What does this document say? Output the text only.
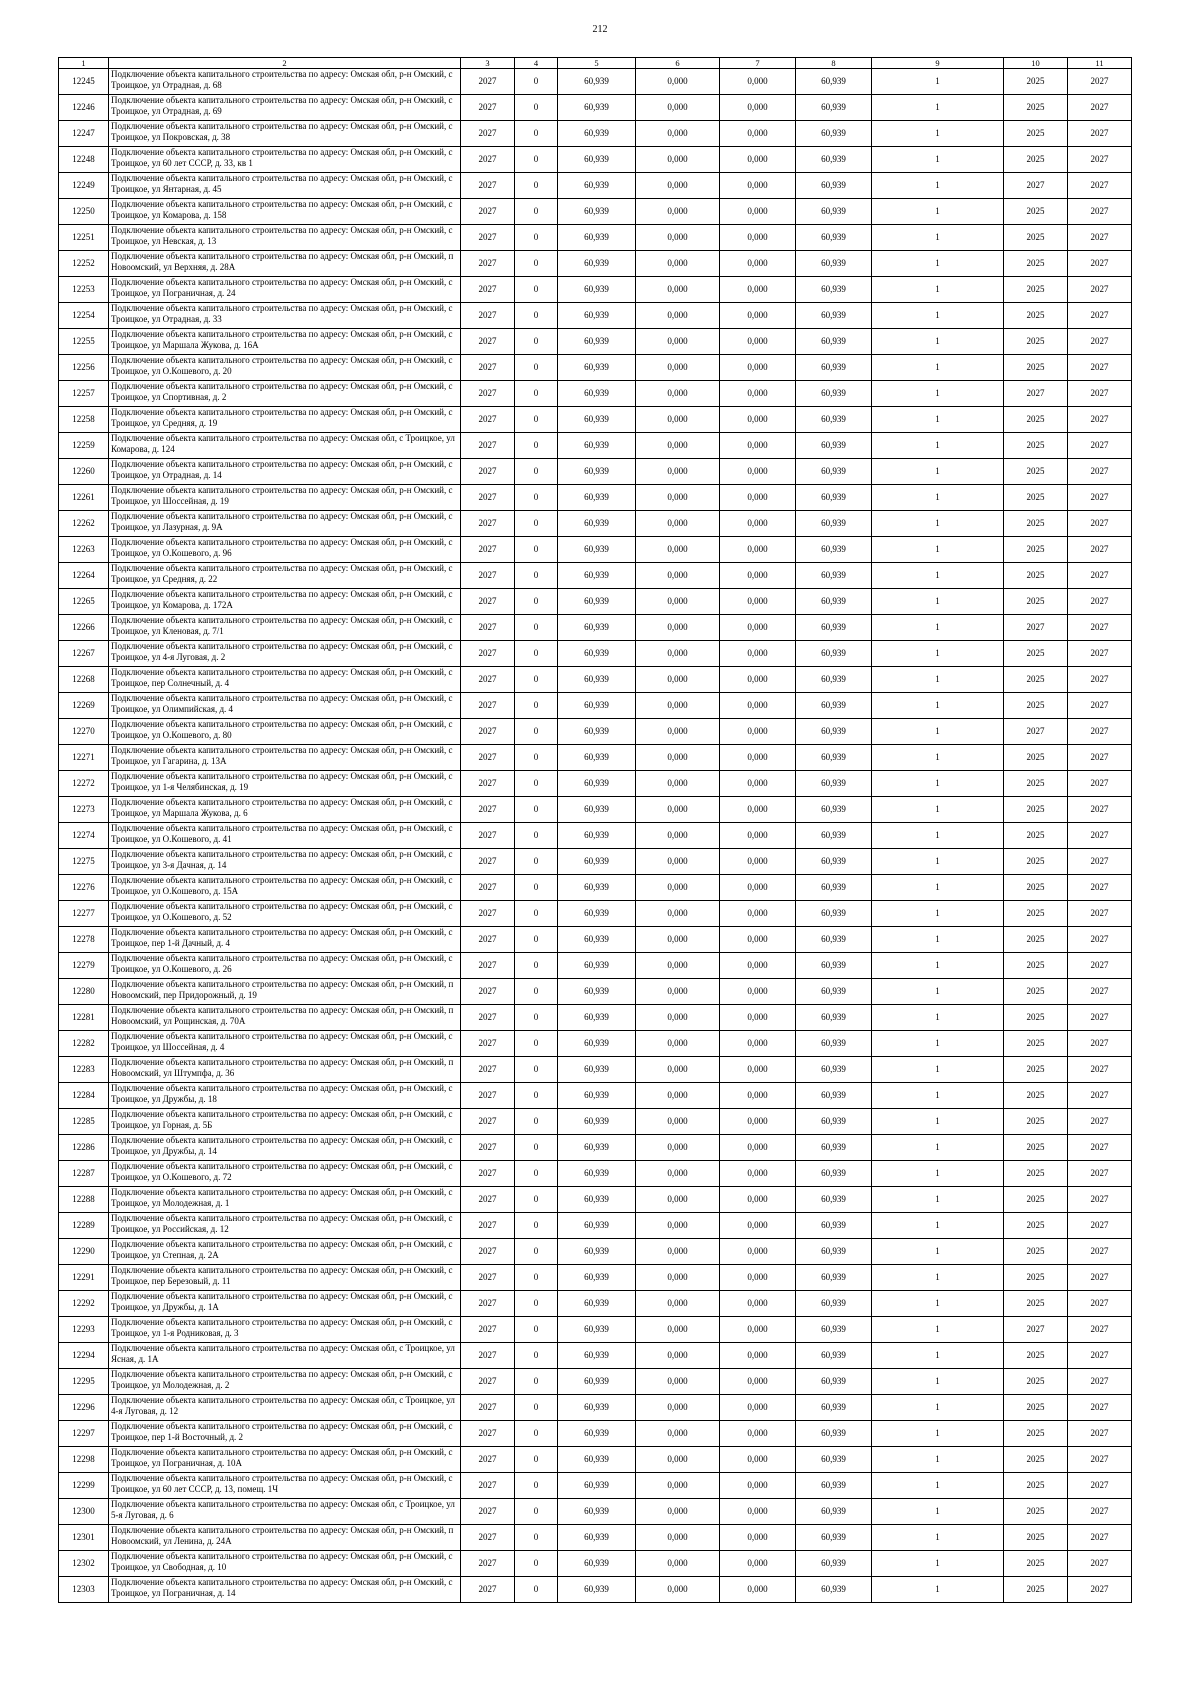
212
1	2	3	4	5	6	7	8	9	10	11
12245	Подключение объекта капитального строительства по адресу: Омская обл, р-н Омский, с Троицкое, ул Отрадная, д. 68	2027	0	60,939	0,000	0,000	60,939	1	2025	2027
12246	Подключение объекта капитального строительства по адресу: Омская обл, р-н Омский, с Троицкое, ул Отрадная, д. 69	2027	0	60,939	0,000	0,000	60,939	1	2025	2027
12247	Подключение объекта капитального строительства по адресу: Омская обл, р-н Омский, с Троицкое, ул Покровская, д. 38	2027	0	60,939	0,000	0,000	60,939	1	2025	2027
12248	Подключение объекта капитального строительства по адресу: Омская обл, р-н Омский, с Троицкое, ул 60 лет СССР, д. 33, кв 1	2027	0	60,939	0,000	0,000	60,939	1	2025	2027
12249	Подключение объекта капитального строительства по адресу: Омская обл, р-н Омский, с Троицкое, ул Янтарная, д. 45	2027	0	60,939	0,000	0,000	60,939	1	2027	2027
12250	Подключение объекта капитального строительства по адресу: Омская обл, р-н Омский, с Троицкое, ул Комарова, д. 158	2027	0	60,939	0,000	0,000	60,939	1	2025	2027
12251	Подключение объекта капитального строительства по адресу: Омская обл, р-н Омский, с Троицкое, ул Невская, д. 13	2027	0	60,939	0,000	0,000	60,939	1	2025	2027
12252	Подключение объекта капитального строительства по адресу: Омская обл, р-н Омский, п Новоомский, ул Верхняя, д. 28А	2027	0	60,939	0,000	0,000	60,939	1	2025	2027
12253	Подключение объекта капитального строительства по адресу: Омская обл, р-н Омский, с Троицкое, ул Пограничная, д. 24	2027	0	60,939	0,000	0,000	60,939	1	2025	2027
12254	Подключение объекта капитального строительства по адресу: Омская обл, р-н Омский, с Троицкое, ул Отрадная, д. 33	2027	0	60,939	0,000	0,000	60,939	1	2025	2027
12255	Подключение объекта капитального строительства по адресу: Омская обл, р-н Омский, с Троицкое, ул Маршала Жукова, д. 16А	2027	0	60,939	0,000	0,000	60,939	1	2025	2027
12256	Подключение объекта капитального строительства по адресу: Омская обл, р-н Омский, с Троицкое, ул О.Кошевого, д. 20	2027	0	60,939	0,000	0,000	60,939	1	2025	2027
12257	Подключение объекта капитального строительства по адресу: Омская обл, р-н Омский, с Троицкое, ул Спортивная, д. 2	2027	0	60,939	0,000	0,000	60,939	1	2027	2027
12258	Подключение объекта капитального строительства по адресу: Омская обл, р-н Омский, с Троицкое, ул Средняя, д. 19	2027	0	60,939	0,000	0,000	60,939	1	2025	2027
12259	Подключение объекта капитального строительства по адресу: Омская обл, с Троицкое, ул Комарова, д. 124	2027	0	60,939	0,000	0,000	60,939	1	2025	2027
12260	Подключение объекта капитального строительства по адресу: Омская обл, р-н Омский, с Троицкое, ул Отрадная, д. 14	2027	0	60,939	0,000	0,000	60,939	1	2025	2027
12261	Подключение объекта капитального строительства по адресу: Омская обл, р-н Омский, с Троицкое, ул Шоссейная, д. 19	2027	0	60,939	0,000	0,000	60,939	1	2025	2027
12262	Подключение объекта капитального строительства по адресу: Омская обл, р-н Омский, с Троицкое, ул Лазурная, д. 9А	2027	0	60,939	0,000	0,000	60,939	1	2025	2027
12263	Подключение объекта капитального строительства по адресу: Омская обл, р-н Омский, с Троицкое, ул О.Кошевого, д. 96	2027	0	60,939	0,000	0,000	60,939	1	2025	2027
12264	Подключение объекта капитального строительства по адресу: Омская обл, р-н Омский, с Троицкое, ул Средняя, д. 22	2027	0	60,939	0,000	0,000	60,939	1	2025	2027
12265	Подключение объекта капитального строительства по адресу: Омская обл, р-н Омский, с Троицкое, ул Комарова, д. 172А	2027	0	60,939	0,000	0,000	60,939	1	2025	2027
12266	Подключение объекта капитального строительства по адресу: Омская обл, р-н Омский, с Троицкое, ул Кленовая, д. 7/1	2027	0	60,939	0,000	0,000	60,939	1	2027	2027
12267	Подключение объекта капитального строительства по адресу: Омская обл, р-н Омский, с Троицкое, ул 4-я Луговая, д. 2	2027	0	60,939	0,000	0,000	60,939	1	2025	2027
12268	Подключение объекта капитального строительства по адресу: Омская обл, р-н Омский, с Троицкое, пер Солнечный, д. 4	2027	0	60,939	0,000	0,000	60,939	1	2025	2027
12269	Подключение объекта капитального строительства по адресу: Омская обл, р-н Омский, с Троицкое, ул Олимпийская, д. 4	2027	0	60,939	0,000	0,000	60,939	1	2025	2027
12270	Подключение объекта капитального строительства по адресу: Омская обл, р-н Омский, с Троицкое, ул О.Кошевого, д. 80	2027	0	60,939	0,000	0,000	60,939	1	2027	2027
12271	Подключение объекта капитального строительства по адресу: Омская обл, р-н Омский, с Троицкое, ул Гагарина, д. 13А	2027	0	60,939	0,000	0,000	60,939	1	2025	2027
12272	Подключение объекта капитального строительства по адресу: Омская обл, р-н Омский, с Троицкое, ул 1-я Челябинская, д. 19	2027	0	60,939	0,000	0,000	60,939	1	2025	2027
12273	Подключение объекта капитального строительства по адресу: Омская обл, р-н Омский, с Троицкое, ул Маршала Жукова, д. 6	2027	0	60,939	0,000	0,000	60,939	1	2025	2027
12274	Подключение объекта капитального строительства по адресу: Омская обл, р-н Омский, с Троицкое, ул О.Кошевого, д. 41	2027	0	60,939	0,000	0,000	60,939	1	2025	2027
12275	Подключение объекта капитального строительства по адресу: Омская обл, р-н Омский, с Троицкое, ул 3-я Дачная, д. 14	2027	0	60,939	0,000	0,000	60,939	1	2025	2027
12276	Подключение объекта капитального строительства по адресу: Омская обл, р-н Омский, с Троицкое, ул О.Кошевого, д. 15А	2027	0	60,939	0,000	0,000	60,939	1	2025	2027
12277	Подключение объекта капитального строительства по адресу: Омская обл, р-н Омский, с Троицкое, ул О.Кошевого, д. 52	2027	0	60,939	0,000	0,000	60,939	1	2025	2027
12278	Подключение объекта капитального строительства по адресу: Омская обл, р-н Омский, с Троицкое, пер 1-й Дачный, д. 4	2027	0	60,939	0,000	0,000	60,939	1	2025	2027
12279	Подключение объекта капитального строительства по адресу: Омская обл, р-н Омский, с Троицкое, ул О.Кошевого, д. 26	2027	0	60,939	0,000	0,000	60,939	1	2025	2027
12280	Подключение объекта капитального строительства по адресу: Омская обл, р-н Омский, п Новоомский, пер Придорожный, д. 19	2027	0	60,939	0,000	0,000	60,939	1	2025	2027
12281	Подключение объекта капитального строительства по адресу: Омская обл, р-н Омский, п Новоомский, ул Рощинская, д. 70А	2027	0	60,939	0,000	0,000	60,939	1	2025	2027
12282	Подключение объекта капитального строительства по адресу: Омская обл, р-н Омский, с Троицкое, ул Шоссейная, д. 4	2027	0	60,939	0,000	0,000	60,939	1	2025	2027
12283	Подключение объекта капитального строительства по адресу: Омская обл, р-н Омский, п Новоомский, ул Штумпфа, д. 36	2027	0	60,939	0,000	0,000	60,939	1	2025	2027
12284	Подключение объекта капитального строительства по адресу: Омская обл, р-н Омский, с Троицкое, ул Дружбы, д. 18	2027	0	60,939	0,000	0,000	60,939	1	2025	2027
12285	Подключение объекта капитального строительства по адресу: Омская обл, р-н Омский, с Троицкое, ул Горная, д. 5Б	2027	0	60,939	0,000	0,000	60,939	1	2025	2027
12286	Подключение объекта капитального строительства по адресу: Омская обл, р-н Омский, с Троицкое, ул Дружбы, д. 14	2027	0	60,939	0,000	0,000	60,939	1	2025	2027
12287	Подключение объекта капитального строительства по адресу: Омская обл, р-н Омский, с Троицкое, ул О.Кошевого, д. 72	2027	0	60,939	0,000	0,000	60,939	1	2025	2027
12288	Подключение объекта капитального строительства по адресу: Омская обл, р-н Омский, с Троицкое, ул Молодежная, д. 1	2027	0	60,939	0,000	0,000	60,939	1	2025	2027
12289	Подключение объекта капитального строительства по адресу: Омская обл, р-н Омский, с Троицкое, ул Российская, д. 12	2027	0	60,939	0,000	0,000	60,939	1	2025	2027
12290	Подключение объекта капитального строительства по адресу: Омская обл, р-н Омский, с Троицкое, ул Степная, д. 2А	2027	0	60,939	0,000	0,000	60,939	1	2025	2027
12291	Подключение объекта капитального строительства по адресу: Омская обл, р-н Омский, с Троицкое, пер Березовый, д. 11	2027	0	60,939	0,000	0,000	60,939	1	2025	2027
12292	Подключение объекта капитального строительства по адресу: Омская обл, р-н Омский, с Троицкое, ул Дружбы, д. 1А	2027	0	60,939	0,000	0,000	60,939	1	2025	2027
12293	Подключение объекта капитального строительства по адресу: Омская обл, р-н Омский, с Троицкое, ул 1-я Родниковая, д. 3	2027	0	60,939	0,000	0,000	60,939	1	2027	2027
12294	Подключение объекта капитального строительства по адресу: Омская обл, с Троицкое, ул Ясная, д. 1А	2027	0	60,939	0,000	0,000	60,939	1	2025	2027
12295	Подключение объекта капитального строительства по адресу: Омская обл, р-н Омский, с Троицкое, ул Молодежная, д. 2	2027	0	60,939	0,000	0,000	60,939	1	2025	2027
12296	Подключение объекта капитального строительства по адресу: Омская обл, с Троицкое, ул 4-я Луговая, д. 12	2027	0	60,939	0,000	0,000	60,939	1	2025	2027
12297	Подключение объекта капитального строительства по адресу: Омская обл, р-н Омский, с Троицкое, пер 1-й Восточный, д. 2	2027	0	60,939	0,000	0,000	60,939	1	2025	2027
12298	Подключение объекта капитального строительства по адресу: Омская обл, р-н Омский, с Троицкое, ул Пограничная, д. 10А	2027	0	60,939	0,000	0,000	60,939	1	2025	2027
12299	Подключение объекта капитального строительства по адресу: Омская обл, р-н Омский, с Троицкое, ул 60 лет СССР, д. 13, помещ. 1Ч	2027	0	60,939	0,000	0,000	60,939	1	2025	2027
12300	Подключение объекта капитального строительства по адресу: Омская обл, с Троицкое, ул 5-я Луговая, д. 6	2027	0	60,939	0,000	0,000	60,939	1	2025	2027
12301	Подключение объекта капитального строительства по адресу: Омская обл, р-н Омский, п Новоомский, ул Ленина, д. 24А	2027	0	60,939	0,000	0,000	60,939	1	2025	2027
12302	Подключение объекта капитального строительства по адресу: Омская обл, р-н Омский, с Троицкое, ул Свободная, д. 10	2027	0	60,939	0,000	0,000	60,939	1	2025	2027
12303	Подключение объекта капитального строительства по адресу: Омская обл, р-н Омский, с Троицкое, ул Пограничная, д. 14	2027	0	60,939	0,000	0,000	60,939	1	2025	2027
